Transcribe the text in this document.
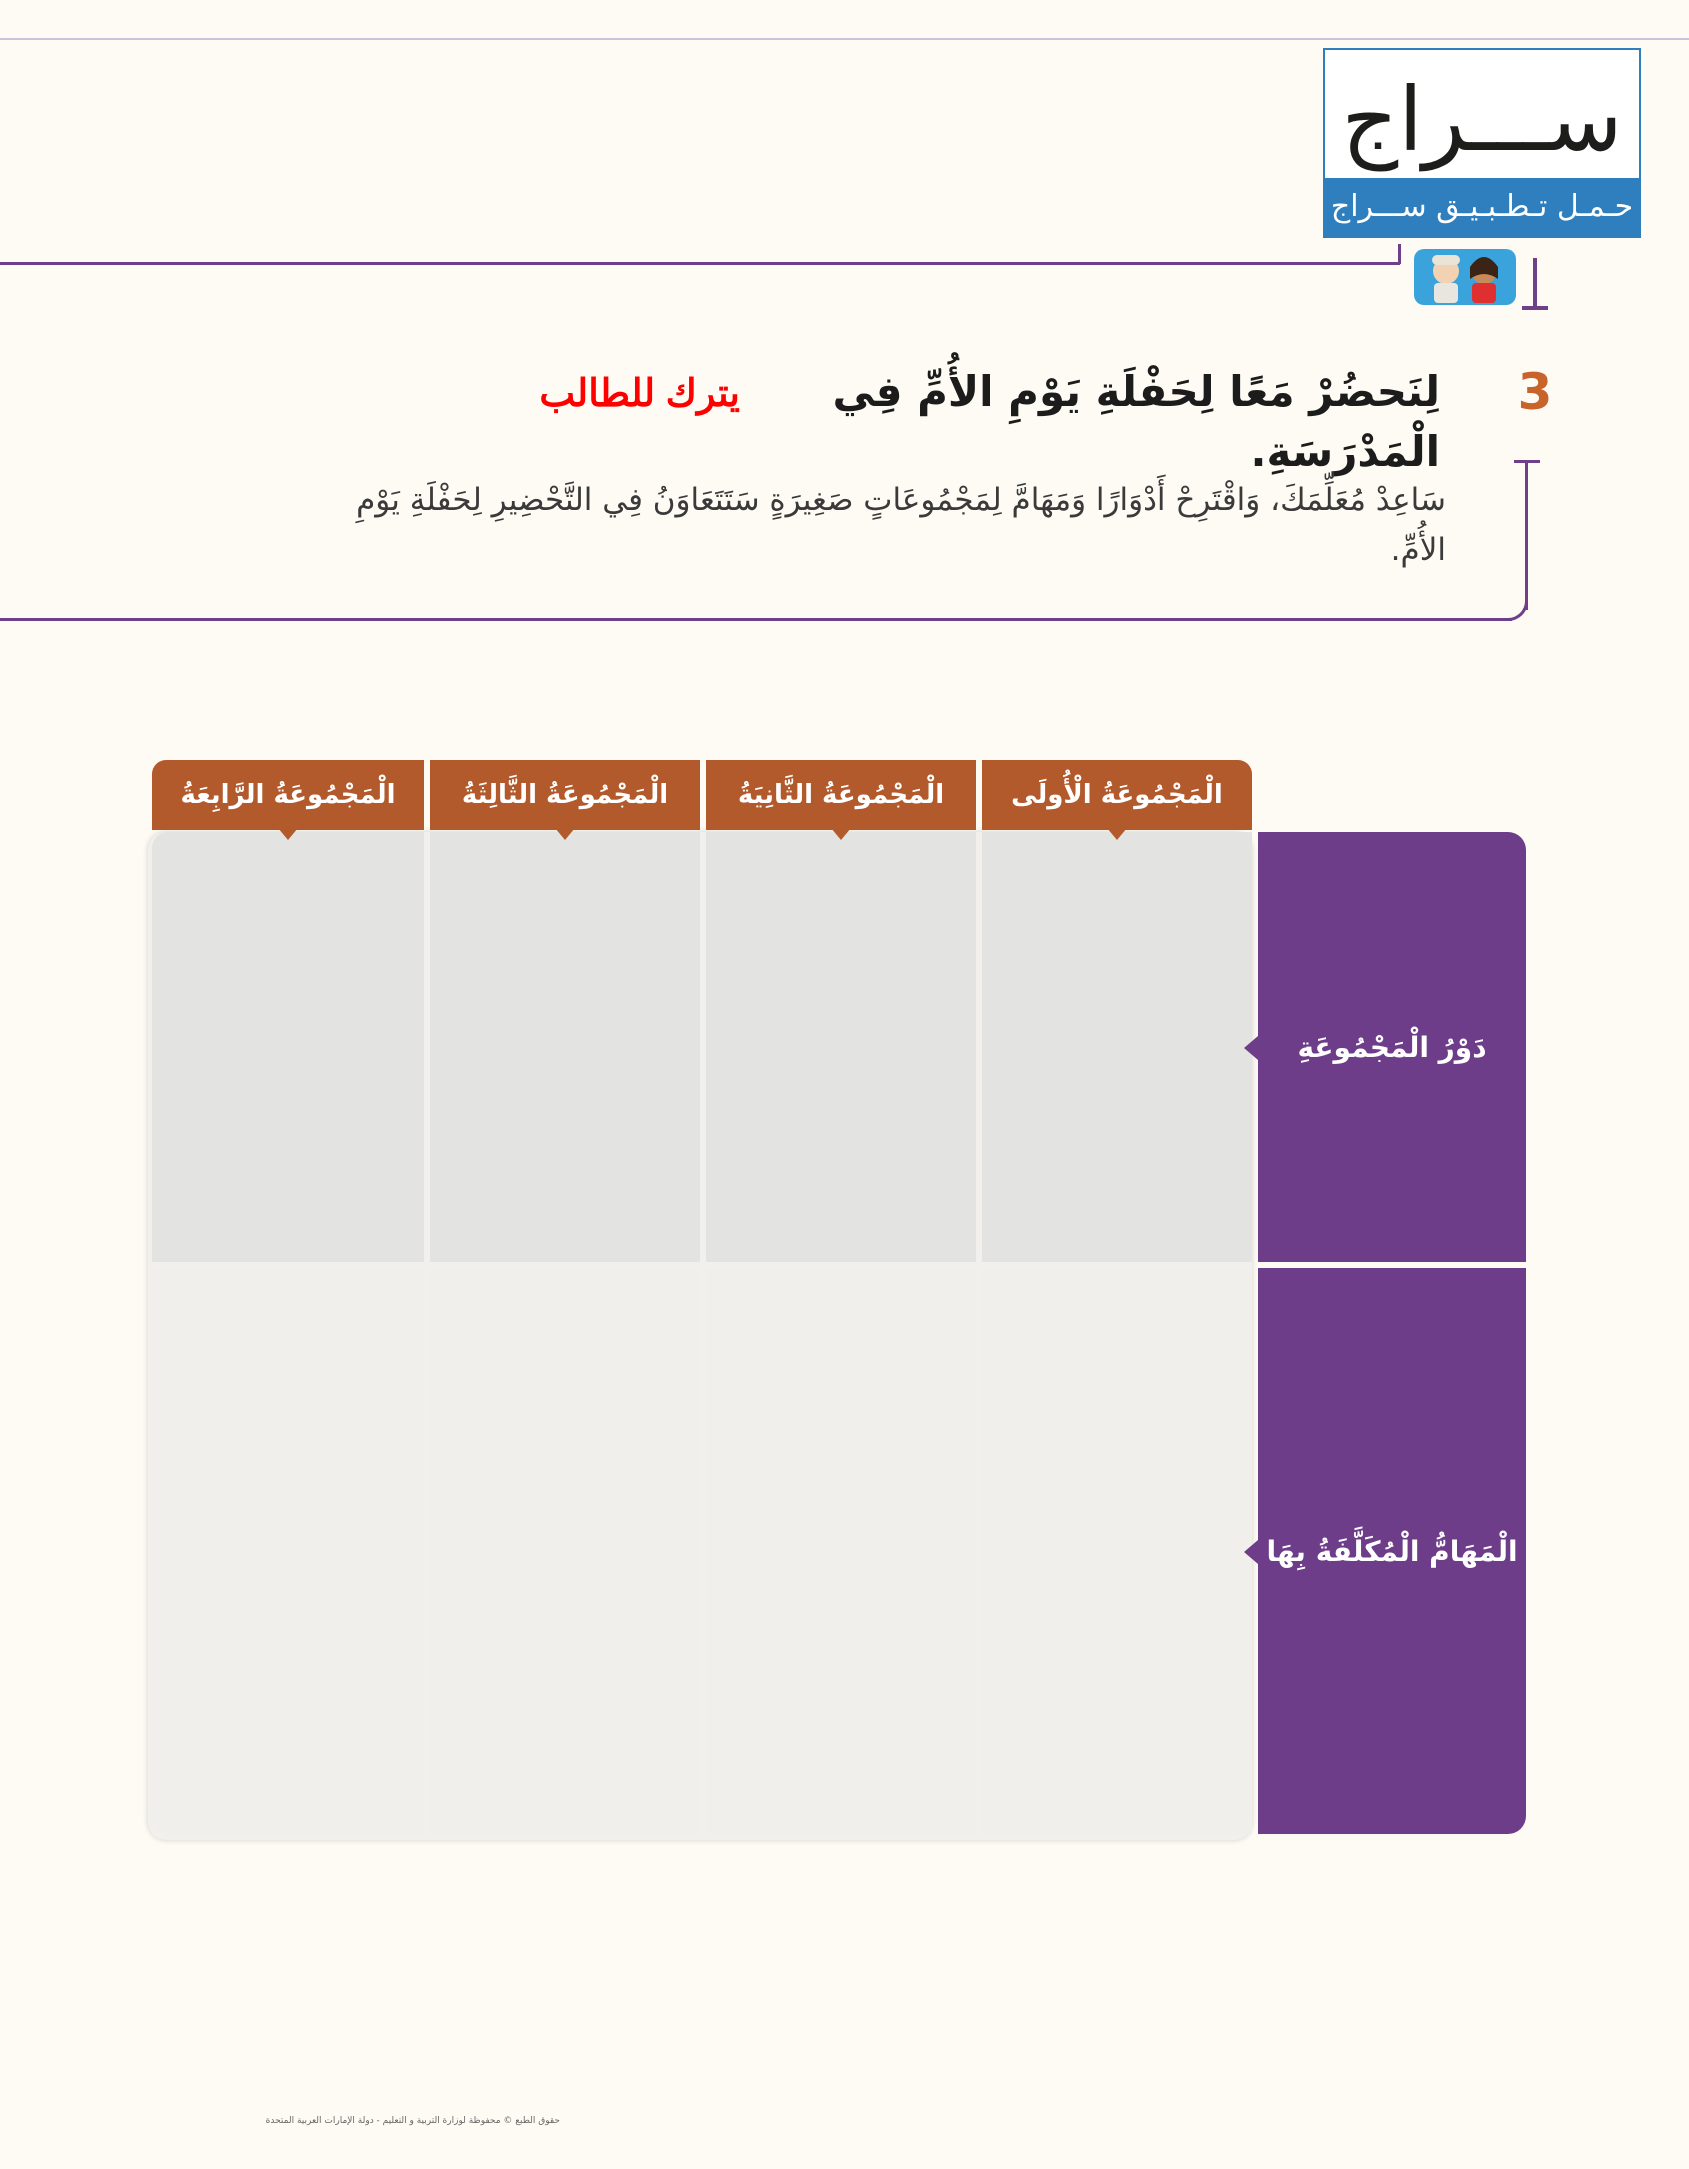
ســـراج
حـمـل تـطـبـيـق ســـراج
3
لِنَحضُرْ مَعًا لِحَفْلَةِ يَوْمِ الأُمِّ فِي الْمَدْرَسَةِ.
يترك للطالب
سَاعِدْ مُعَلِّمَكَ، وَاقْتَرِحْ أَدْوَارًا وَمَهَامَّ لِمَجْمُوعَاتٍ صَغِيرَةٍ سَتَتَعَاوَنُ فِي التَّحْضِيرِ لِحَفْلَةِ يَوْمِ الأُمِّ.
الْمَجْمُوعَةُ الْأُولَى
الْمَجْمُوعَةُ الثَّانِيَةُ
الْمَجْمُوعَةُ الثَّالِثَةُ
الْمَجْمُوعَةُ الرَّابِعَةُ
دَوْرُ الْمَجْمُوعَةِ
الْمَهَامُّ الْمُكَلَّفَةُ بِهَا
حقوق الطبع © محفوظة لوزارة التربية و التعليم - دولة الإمارات العربية المتحدة
